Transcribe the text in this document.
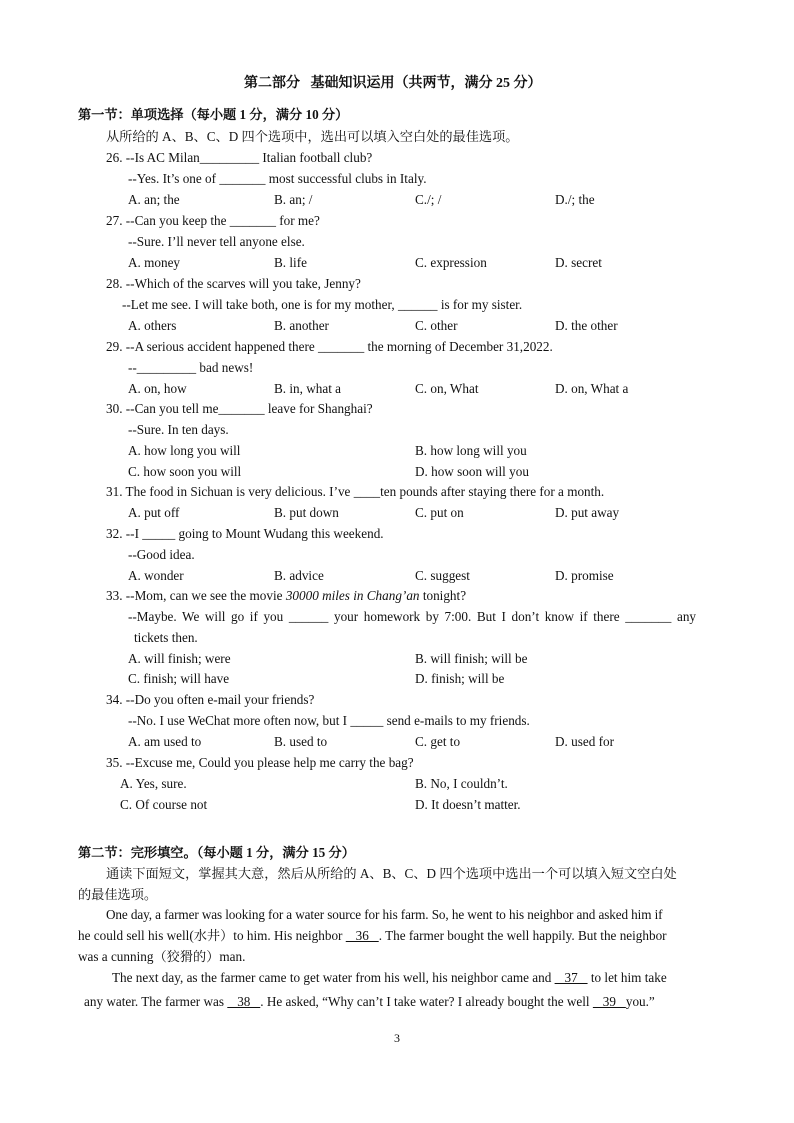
第二部分   基础知识运用（共两节，满分 25 分）
第一节：单项选择（每小题 1 分，满分 10 分）
从所给的 A、B、C、D 四个选项中，选出可以填入空白处的最佳选项。
26. --Is AC Milan_________ Italian football club?
--Yes. It’s one of _______ most successful clubs in Italy.
A. an; the	B. an; /	C./; /	D./; the
27. --Can you keep the _______ for me?
--Sure. I’ll never tell anyone else.
A. money	B. life	C. expression	D. secret
28. --Which of the scarves will you take, Jenny?
--Let me see. I will take both, one is for my mother, ______ is for my sister.
A. others	B. another	C. other	D. the other
29. --A serious accident happened there _______ the morning of December 31,2022.
--_________ bad news!
A. on, how	B. in, what a	C. on, What	D. on, What a
30. --Can you tell me_______ leave for Shanghai?
--Sure. In ten days.
A. how long you will	B. how long will you
C. how soon you will	D. how soon will you
31. The food in Sichuan is very delicious. I’ve ____ten pounds after staying there for a month.
A. put off	B. put down	C. put on	D. put away
32. --I _____ going to Mount Wudang this weekend.
--Good idea.
A. wonder	B. advice	C. suggest	D. promise
33. --Mom, can we see the movie 30000 miles in Chang’an tonight?
--Maybe. We will go if you ______ your homework by 7:00. But I don’t know if there _______ any
tickets then.
A. will finish; were	B. will finish; will be
C. finish; will have	D. finish; will be
34. --Do you often e-mail your friends?
--No. I use WeChat more often now, but I _____ send e-mails to my friends.
A. am used to	B. used to	C. get to	D. used for
35. --Excuse me, Could you please help me carry the bag?
A. Yes, sure.	B. No, I couldn’t.
C. Of course not	D. It doesn’t matter.
第二节：完形填空。（每小题 1 分，满分 15 分）
通读下面短文，掌握其大意，然后从所给的 A、B、C、D 四个选项中选出一个可以填入短文空白处
的最佳选项。
One day, a farmer was looking for a water source for his farm. So, he went to his neighbor and asked him if
he could sell his well(水井）to him. His neighbor    36   . The farmer bought the well happily. But the neighbor
was a cunning（狡猾的）man.
The next day, as the farmer came to get water from his well, his neighbor came and    37    to let him take
any water. The farmer was    38   . He asked, “Why can’t I take water? I already bought the well    39   you.”
3
